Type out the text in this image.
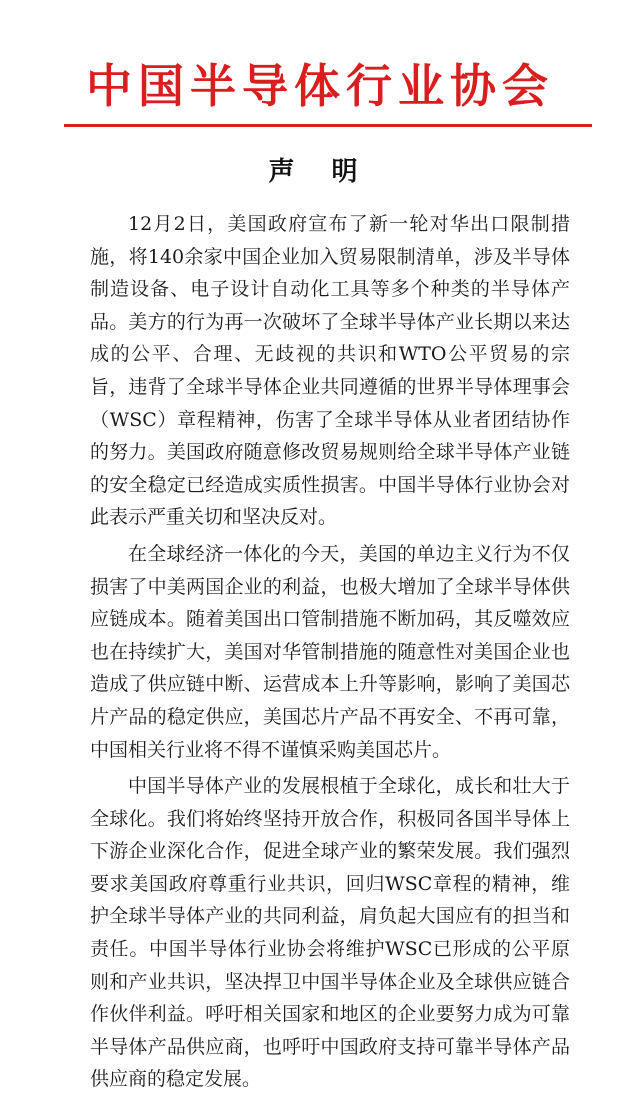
中国半导体行业协会
声 明

12月2日，美国政府宣布了新一轮对华出口限制措施，将140余家中国企业加入贸易限制清单，涉及半导体制造设备、电子设计自动化工具等多个种类的半导体产品。美方的行为再一次破坏了全球半导体产业长期以来达成的公平、合理、无歧视的共识和WTO公平贸易的宗旨，违背了全球半导体企业共同遵循的世界半导体理事会（WSC）章程精神，伤害了全球半导体从业者团结协作的努力。美国政府随意修改贸易规则给全球半导体产业链的安全稳定已经造成实质性损害。中国半导体行业协会对此表示严重关切和坚决反对。

在全球经济一体化的今天，美国的单边主义行为不仅损害了中美两国企业的利益，也极大增加了全球半导体供应链成本。随着美国出口管制措施不断加码，其反噬效应也在持续扩大，美国对华管制措施的随意性对美国企业也造成了供应链中断、运营成本上升等影响，影响了美国芯片产品的稳定供应，美国芯片产品不再安全、不再可靠，中国相关行业将不得不谨慎采购美国芯片。

中国半导体产业的发展根植于全球化，成长和壮大于全球化。我们将始终坚持开放合作，积极同各国半导体上下游企业深化合作，促进全球产业的繁荣发展。我们强烈要求美国政府尊重行业共识，回归WSC章程的精神，维护全球半导体产业的共同利益，肩负起大国应有的担当和责任。中国半导体行业协会将维护WSC已形成的公平原则和产业共识，坚决捍卫中国半导体企业及全球供应链合作伙伴利益。呼吁相关国家和地区的企业要努力成为可靠半导体产品供应商，也呼吁中国政府支持可靠半导体产品供应商的稳定发展。
